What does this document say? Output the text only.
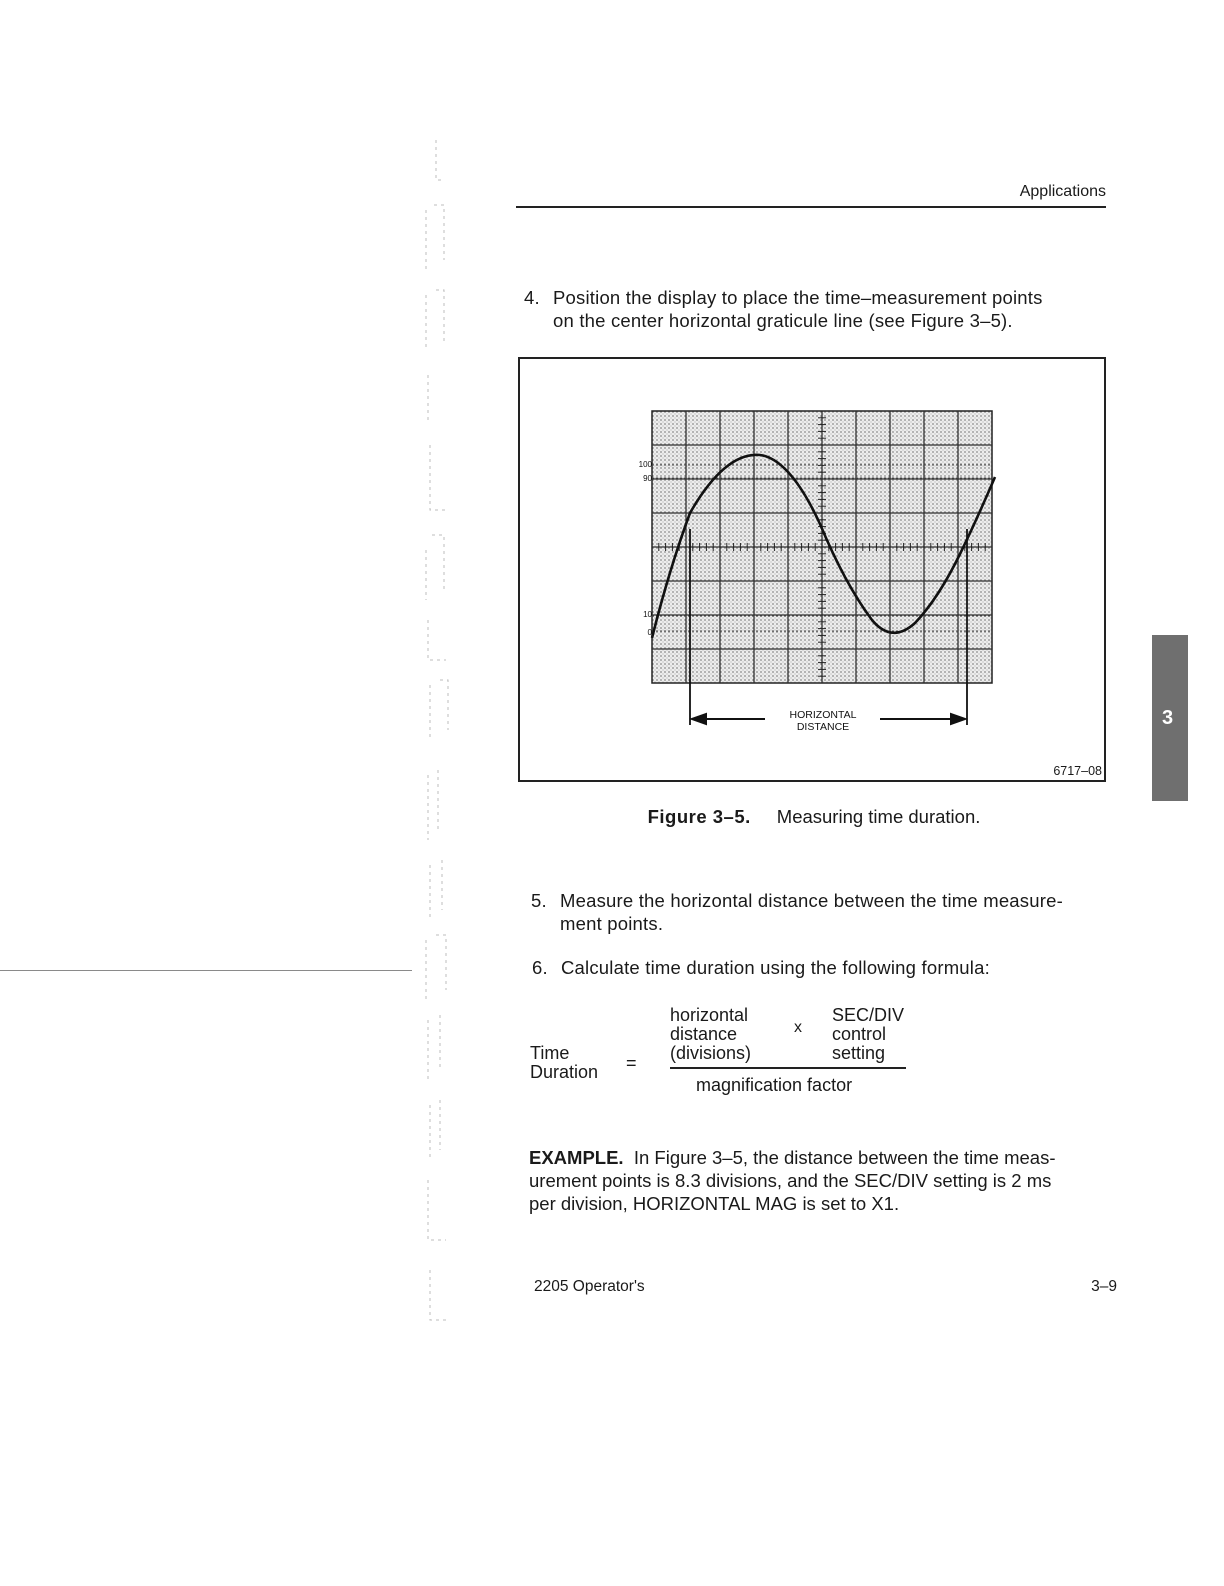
Applications
4. Position the display to place the time–measurement points
on the center horizontal graticule line (see Figure 3–5).
100
90
10
0
HORIZONTAL
DISTANCE
6717–08
Figure 3–5. Measuring time duration.
5. Measure the horizontal distance between the time measure-
ment points.
6. Calculate time duration using the following formula:
Time
Duration =
horizontal
distance
(divisions)
x
SEC/DIV
control
setting
magnification factor
EXAMPLE. In Figure 3–5, the distance between the time meas-
urement points is 8.3 divisions, and the SEC/DIV setting is 2 ms
per division, HORIZONTAL MAG is set to X1.
2205 Operator's	3–9
3
